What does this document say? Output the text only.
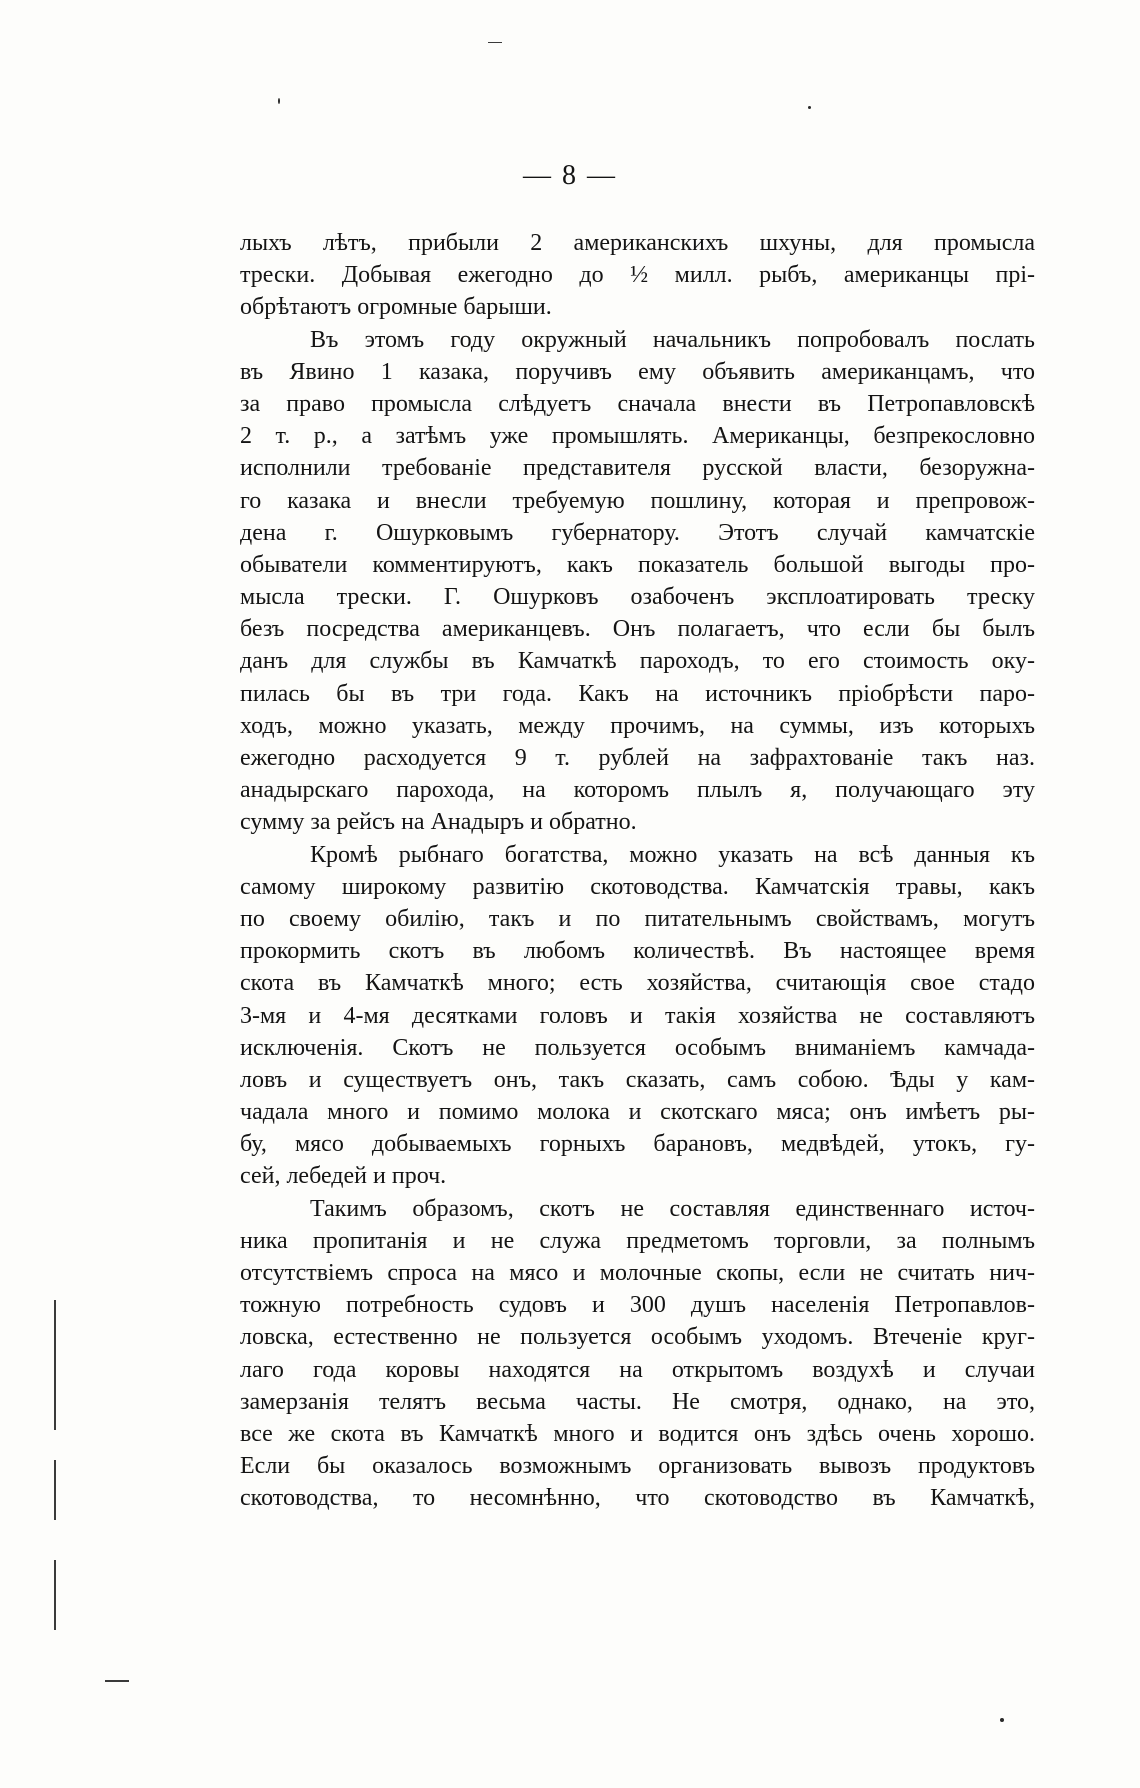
— 8 —
лыхъ лѣтъ, прибыли 2 американскихъ шхуны, для промысла
трески. Добывая ежегодно до ½ милл. рыбъ, американцы прі-
обрѣтаютъ огромные барыши.
Въ этомъ году окружный начальникъ попробовалъ послать
въ Явино 1 казака, поручивъ ему объявить американцамъ, что
за право промысла слѣдуетъ сначала внести въ Петропавловскѣ
2 т. р., а затѣмъ уже промышлять. Американцы, безпрекословно
исполнили требованіе представителя русской власти, безоружна-
го казака и внесли требуемую пошлину, которая и препровож-
дена г. Ошурковымъ губернатору. Этотъ случай камчатскіе
обыватели комментируютъ, какъ показатель большой выгоды про-
мысла трески. Г. Ошурковъ озабоченъ эксплоатировать треску
безъ посредства американцевъ. Онъ полагаетъ, что если бы былъ
данъ для службы въ Камчаткѣ пароходъ, то его стоимость оку-
пилась бы въ три года. Какъ на источникъ пріобрѣсти паро-
ходъ, можно указать, между прочимъ, на суммы, изъ которыхъ
ежегодно расходуется 9 т. рублей на зафрахтованіе такъ наз.
анадырскаго парохода, на которомъ плылъ я, получающаго эту
сумму за рейсъ на Анадыръ и обратно.
Кромѣ рыбнаго богатства, можно указать на всѣ данныя къ
самому широкому развитію скотоводства. Камчатскія травы, какъ
по своему обилію, такъ и по питательнымъ свойствамъ, могутъ
прокормить скотъ въ любомъ количествѣ. Въ настоящее время
скота въ Камчаткѣ много; есть хозяйства, считающія свое стадо
3-мя и 4-мя десятками головъ и такія хозяйства не составляютъ
исключенія. Скотъ не пользуется особымъ вниманіемъ камчада-
ловъ и существуетъ онъ, такъ сказать, самъ собою. Ѣды у кам-
чадала много и помимо молока и скотскаго мяса; онъ имѣетъ ры-
бу, мясо добываемыхъ горныхъ барановъ, медвѣдей, утокъ, гу-
сей, лебедей и проч.
Такимъ образомъ, скотъ не составляя единственнаго источ-
ника пропитанія и не служа предметомъ торговли, за полнымъ
отсутствіемъ спроса на мясо и молочные скопы, если не считать нич-
тожную потребность судовъ и 300 душъ населенія Петропавлов-
ловска, естественно не пользуется особымъ уходомъ. Втеченіе круг-
лаго года коровы находятся на открытомъ воздухѣ и случаи
замерзанія телятъ весьма часты. Не смотря, однако, на это,
все же скота въ Камчаткѣ много и водится онъ здѣсь очень хорошо.
Если бы оказалось возможнымъ организовать вывозъ продуктовъ
скотоводства, то несомнѣнно, что скотоводство въ Камчаткѣ,
